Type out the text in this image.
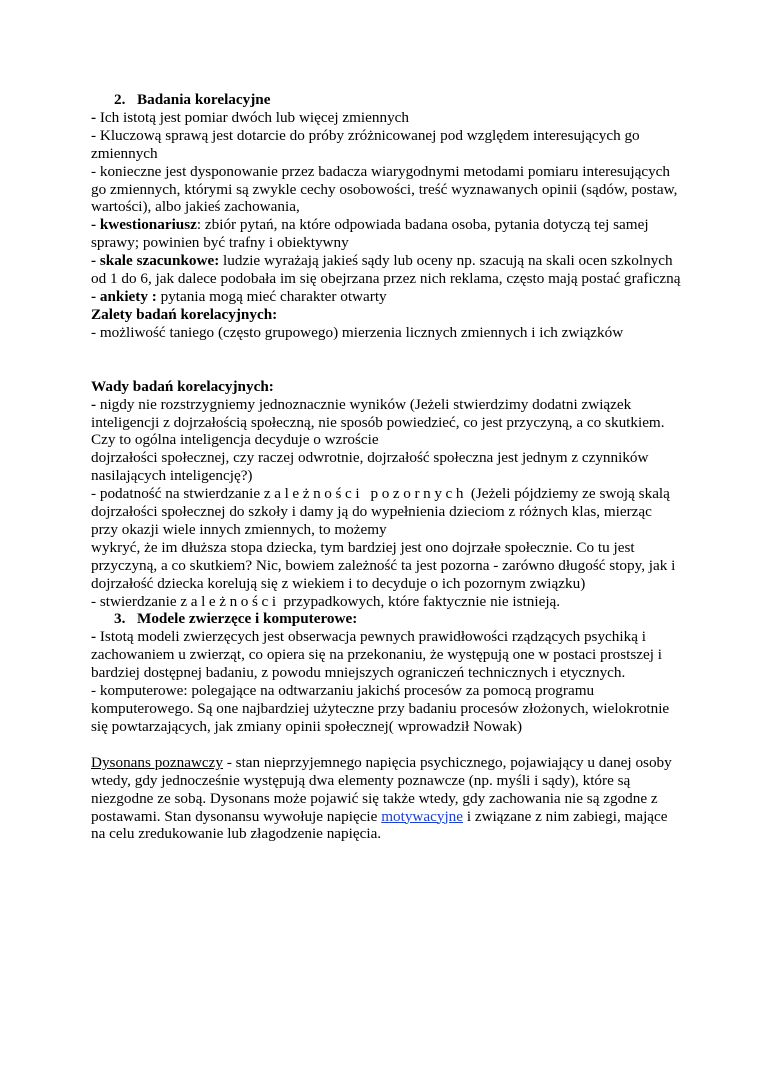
2. Badania korelacyjne

- Ich istotą jest pomiar dwóch lub więcej zmiennych

- Kluczową sprawą jest dotarcie do próby zróżnicowanej pod względem interesujących go zmiennych

- konieczne jest dysponowanie przez badacza wiarygodnymi metodami pomiaru interesujących go zmiennych, którymi są zwykle cechy osobowości, treść wyznawanych opinii (sądów, postaw, wartości), albo jakieś zachowania,

- kwestionariusz: zbiór pytań, na które odpowiada badana osoba, pytania dotyczą tej samej sprawy; powinien być trafny i obiektywny

- skale szacunkowe: ludzie wyrażają jakieś sądy lub oceny np. szacują na skali ocen szkolnych od 1 do 6, jak dalece podobała im się obejrzana przez nich reklama, często mają postać graficzną

- ankiety : pytania mogą mieć charakter otwarty

Zalety badań korelacyjnych:

- możliwość taniego (często grupowego) mierzenia licznych zmiennych i ich związków

Wady badań korelacyjnych:

- nigdy nie rozstrzygniemy jednoznacznie wyników (Jeżeli stwierdzimy dodatni związek inteligencji z dojrzałością społeczną, nie sposób powiedzieć, co jest przyczyną, a co skutkiem. Czy to ogólna inteligencja decyduje o wzroście

dojrzałości społecznej, czy raczej odwrotnie, dojrzałość społeczna jest jednym z czynników nasilających inteligencję?)

- podatność na stwierdzanie zależności pozornych (Jeżeli pójdziemy ze swoją skalą dojrzałości społecznej do szkoły i damy ją do wypełnienia dzieciom z różnych klas, mierząc przy okazji wiele innych zmiennych, to możemy

wykryć, że im dłuższa stopa dziecka, tym bardziej jest ono dojrzałe społecznie. Co tu jest przyczyną, a co skutkiem? Nic, bowiem zależność ta jest pozorna - zarówno długość stopy, jak i dojrzałość dziecka korelują się z wiekiem i to decyduje o ich pozornym związku)

- stwierdzanie zależności przypadkowych, które faktycznie nie istnieją.

3. Modele zwierzęce i komputerowe:

- Istotą modeli zwierzęcych jest obserwacja pewnych prawidłowości rządzących psychiką i zachowaniem u zwierząt, co opiera się na przekonaniu, że występują one w postaci prostszej i bardziej dostępnej badaniu, z powodu mniejszych ograniczeń technicznych i etycznych.

- komputerowe: polegające na odtwarzaniu jakichś procesów za pomocą programu komputerowego. Są one najbardziej użyteczne przy badaniu procesów złożonych, wielokrotnie się powtarzających, jak zmiany opinii społecznej( wprowadził Nowak)

Dysonans poznawczy - stan nieprzyjemnego napięcia psychicznego, pojawiający u danej osoby wtedy, gdy jednocześnie występują dwa elementy poznawcze (np. myśli i sądy), które są niezgodne ze sobą. Dysonans może pojawić się także wtedy, gdy zachowania nie są zgodne z postawami. Stan dysonansu wywołuje napięcie motywacyjne i związane z nim zabiegi, mające na celu zredukowanie lub złagodzenie napięcia.
